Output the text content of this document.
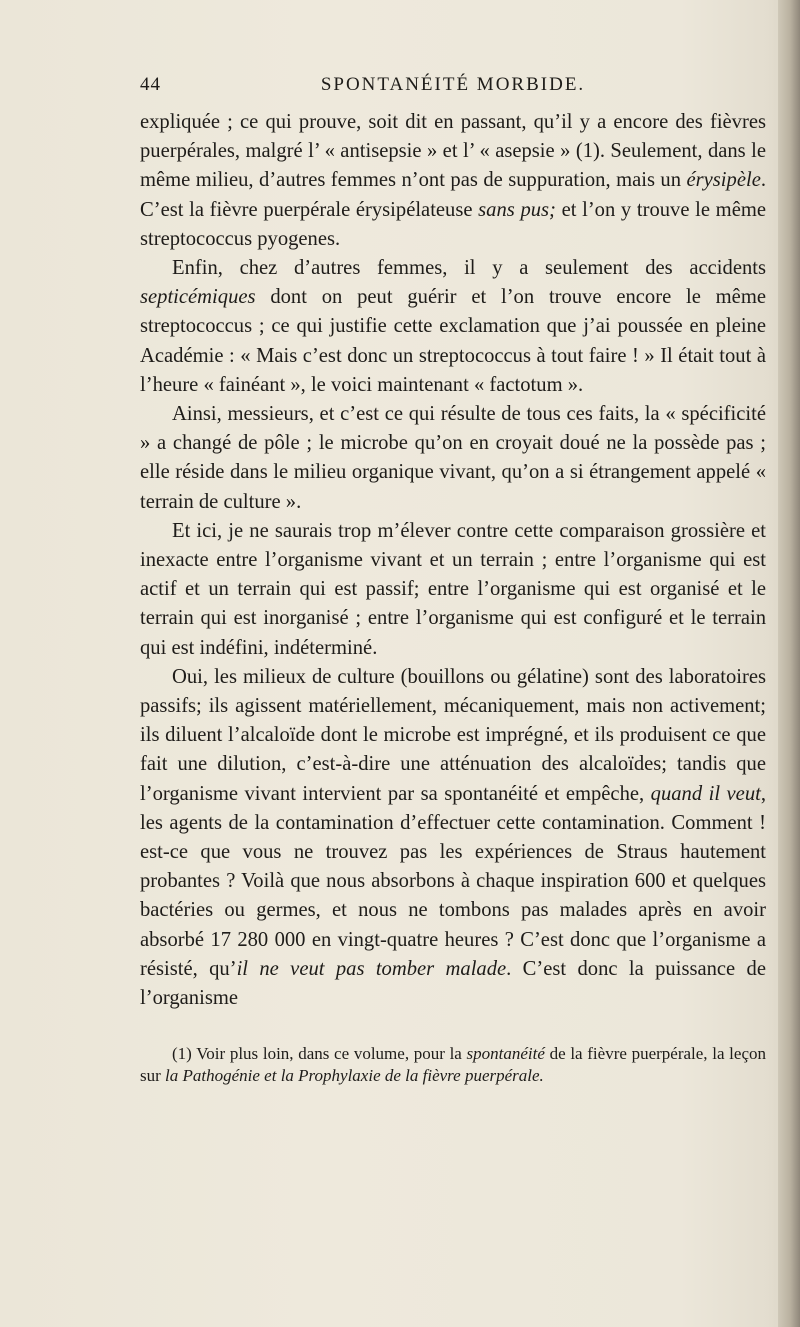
44	SPONTANÉITÉ MORBIDE.

expliquée ; ce qui prouve, soit dit en passant, qu’il y a encore des fièvres puerpérales, malgré l’ « antisepsie » et l’ « asepsie » (1). Seulement, dans le même milieu, d’autres femmes n’ont pas de suppuration, mais un érysipèle. C’est la fièvre puerpérale érysipélateuse sans pus; et l’on y trouve le même streptococcus pyogenes.

Enfin, chez d’autres femmes, il y a seulement des accidents septicémiques dont on peut guérir et l’on trouve encore le même streptococcus ; ce qui justifie cette exclamation que j’ai poussée en pleine Académie : « Mais c’est donc un streptococcus à tout faire ! » Il était tout à l’heure « fainéant », le voici maintenant « factotum ».

Ainsi, messieurs, et c’est ce qui résulte de tous ces faits, la « spécificité » a changé de pôle ; le microbe qu’on en croyait doué ne la possède pas ; elle réside dans le milieu organique vivant, qu’on a si étrangement appelé « terrain de culture ».

Et ici, je ne saurais trop m’élever contre cette comparaison grossière et inexacte entre l’organisme vivant et un terrain ; entre l’organisme qui est actif et un terrain qui est passif; entre l’organisme qui est organisé et le terrain qui est inorganisé ; entre l’organisme qui est configuré et le terrain qui est indéfini, indéterminé.

Oui, les milieux de culture (bouillons ou gélatine) sont des laboratoires passifs; ils agissent matériellement, mécaniquement, mais non activement; ils diluent l’alcaloïde dont le microbe est imprégné, et ils produisent ce que fait une dilution, c’est-à-dire une atténuation des alcaloïdes; tandis que l’organisme vivant intervient par sa spontanéité et empêche, quand il veut, les agents de la contamination d’effectuer cette contamination. Comment ! est-ce que vous ne trouvez pas les expériences de Straus hautement probantes ? Voilà que nous absorbons à chaque inspiration 600 et quelques bactéries ou germes, et nous ne tombons pas malades après en avoir absorbé 17 280 000 en vingt-quatre heures ? C’est donc que l’organisme a résisté, qu’il ne veut pas tomber malade. C’est donc la puissance de l’organisme

(1) Voir plus loin, dans ce volume, pour la spontanéité de la fièvre puerpérale, la leçon sur la Pathogénie et la Prophylaxie de la fièvre puerpérale.
